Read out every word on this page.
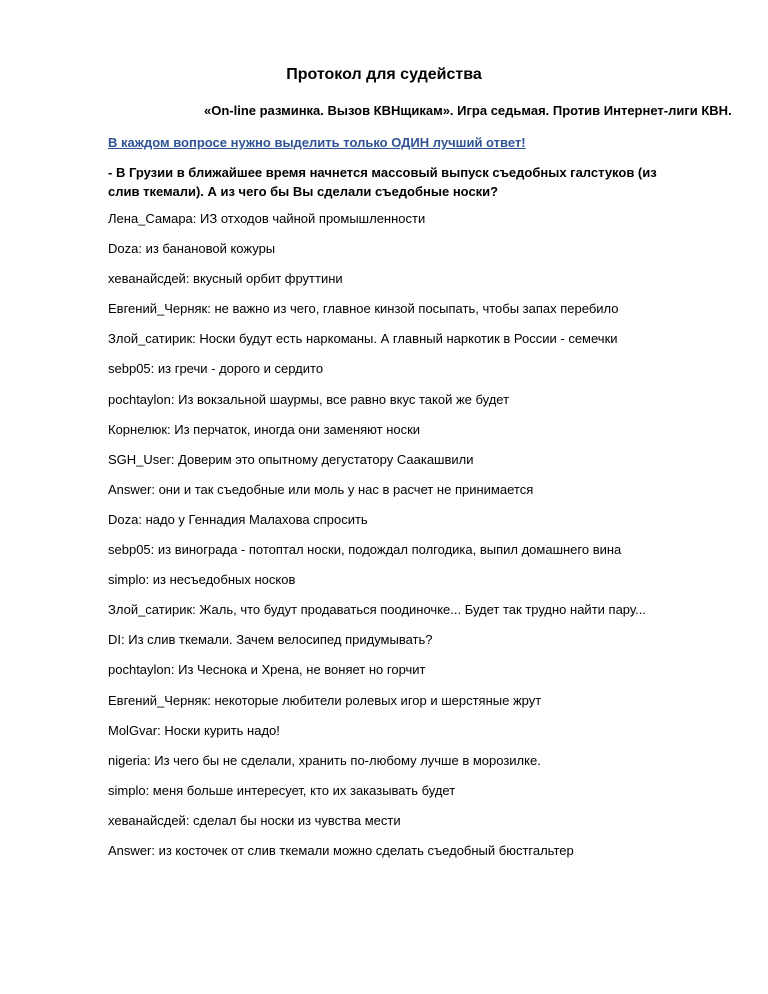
Протокол для судейства
«On-line разминка. Вызов КВНщикам». Игра седьмая. Против Интернет-лиги КВН.
В каждом вопросе нужно выделить только ОДИН лучший ответ!
- В Грузии в ближайшее время начнется массовый выпуск съедобных галстуков (из слив ткемали). А из чего бы Вы сделали съедобные носки?
Лена_Самара: ИЗ отходов чайной промышленности
Doza: из банановой кожуры
хеванайсдей: вкусный орбит фруттини
Евгений_Черняк: не важно из чего, главное кинзой посыпать, чтобы запах перебило
Злой_сатирик: Носки будут есть наркоманы. А главный наркотик в России - семечки
sebp05: из гречи - дорого и сердито
pochtaylon: Из вокзальной шаурмы, все равно вкус такой же будет
Корнелюк: Из перчаток, иногда они заменяют носки
SGH_User: Доверим это опытному дегустатору Саакашвили
Answer: они и так съедобные или моль у нас в расчет не принимается
Doza: надо у Геннадия Малахова спросить
sebp05: из винограда - потоптал носки, подождал полгодика, выпил домашнего вина
simplo: из несъедобных носков
Злой_сатирик: Жаль, что будут продаваться поодиночке... Будет так трудно найти пару...
DI: Из слив ткемали. Зачем велосипед придумывать?
pochtaylon: Из Чеснока и Хрена, не воняет но горчит
Евгений_Черняк: некоторые любители ролевых игор и шерстяные жрут
MolGvar: Носки курить надо!
nigeria: Из чего бы не сделали, хранить по-любому лучше в морозилке.
simplo: меня больше интересует, кто их заказывать будет
хеванайсдей: сделал бы носки из чувства мести
Answer: из косточек от слив ткемали можно сделать съедобный бюстгальтер
